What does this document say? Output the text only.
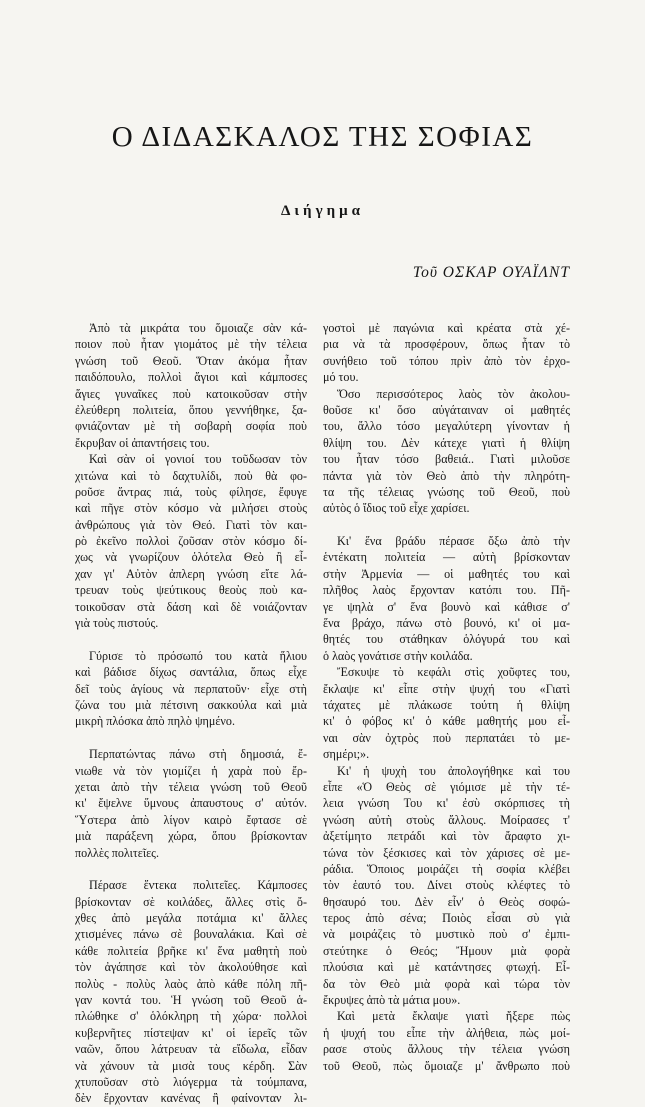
Ο ΔΙΔΑΣΚΑΛΟΣ ΤΗΣ ΣΟΦΙΑΣ
Διήγημα
Τοῦ ΟΣΚΑΡ ΟΥΑΪΛΝΤ
Ἀπὸ τὰ μικράτα του ὅμοιαζε σὰν κά-
ποιον ποὺ ἦταν γιομάτος μὲ τὴν τέλεια
γνώση τοῦ Θεοῦ. Ὅταν ἀκόμα ἦταν
παιδόπουλο, πολλοὶ ἅγιοι καὶ κάμποσες
ἅγιες γυναῖκες ποὺ κατοικοῦσαν στὴν
ἐλεύθερη πολιτεία, ὅπου γεννήθηκε, ξα-
φνιάζονταν μὲ τὴ σοβαρὴ σοφία ποὺ
ἔκρυβαν οἱ ἀπαντήσεις του.
Καὶ σὰν οἱ γονιοί του τοῦδωσαν τὸν
χιτώνα καὶ τὸ δαχτυλίδι, ποὺ θὰ φο-
ροῦσε ἄντρας πιά, τοὺς φίλησε, ἔφυγε
καὶ πῆγε στὸν κόσμο νὰ μιλήσει στοὺς
ἀνθρώπους γιὰ τὸν Θεό. Γιατὶ τὸν και-
ρὸ ἐκεῖνο πολλοὶ ζοῦσαν στὸν κόσμο δί-
χως νὰ γνωρίζουν ὁλότελα Θεὸ ἢ εἶ-
χαν γι' Αὐτὸν ἀπλερη γνώση εἴτε λά-
τρευαν τοὺς ψεύτικους θεοὺς ποὺ κα-
τοικοῦσαν στὰ δάση καὶ δὲ νοιάζονταν
γιὰ τοὺς πιστούς.

Γύρισε τὸ πρόσωπό του κατὰ ἥλιου
καὶ βάδισε δίχως σαντάλια, ὅπως εἶχε
δεῖ τοὺς ἁγίους νὰ περπατοῦν· εἶχε στὴ
ζώνα του μιὰ πέτσινη σακκούλα καὶ μιὰ
μικρὴ πλόσκα ἀπὸ πηλὸ ψημένο.

Περπατώντας πάνω στὴ δημοσιά, ἔ-
νιωθε νὰ τὸν γιομίζει ἡ χαρὰ ποὺ ἔρ-
χεται ἀπὸ τὴν τέλεια γνώση τοῦ Θεοῦ
κι' ἔψελνε ὕμνους ἀπαυστους σ' αὐτόν.
Ὕστερα ἀπὸ λίγον καιρὸ ἔφτασε σὲ
μιὰ παράξενη χώρα, ὅπου βρίσκονταν
πολλὲς πολιτεῖες.

Πέρασε ἕντεκα πολιτεῖες. Κάμποσες
βρίσκονταν σὲ κοιλάδες, ἄλλες στὶς ὄ-
χθες ἀπὸ μεγάλα ποτάμια κι' ἄλλες
χτισμένες πάνω σὲ βουναλάκια. Καὶ σὲ
κάθε πολιτεία βρῆκε κι' ἕνα μαθητὴ ποὺ
τὸν ἀγάπησε καὶ τὸν ἀκολούθησε καὶ
πολὺς - πολὺς λαὸς ἀπὸ κάθε πόλη πῆ-
γαν κοντά του. Ἡ γνώση τοῦ Θεοῦ ἁ-
πλώθηκε σ' ὁλόκληρη τὴ χώρα· πολλοὶ
κυβερνῆτες πίστεψαν κι' οἱ ἱερεῖς τῶν
ναῶν, ὅπου λάτρευαν τὰ εἴδωλα, εἶδαν
νὰ χάνουν τὰ μισὰ τους κέρδη. Σὰν
χτυποῦσαν στὸ λιόγερμα τὰ τούμπανα,
δὲν ἔρχονταν κανένας ἢ φαίνονταν λι-
γοστοὶ μὲ παγώνια καὶ κρέατα στὰ χέ-
ρια νὰ τὰ προσφέρουν, ὅπως ἦταν τὸ
συνήθειο τοῦ τόπου πρὶν ἀπὸ τὸν ἐρχο-
μό του.
Ὅσο περισσότερος λαὸς τὸν ἀκολου-
θοῦσε κι' ὅσο αὐγάταιναν οἱ μαθητές
του, ἄλλο τόσο μεγαλύτερη γίνονταν ἡ
θλίψη του. Δὲν κάτεχε γιατὶ ἡ θλίψη
του ἦταν τόσο βαθειά.. Γιατὶ μιλοῦσε
πάντα γιὰ τὸν Θεὸ ἀπὸ τὴν πληρότη-
τα τῆς τέλειας γνώσης τοῦ Θεοῦ, ποὺ
αὐτὸς ὁ ἴδιος τοῦ εἶχε χαρίσει.

Κι' ἕνα βράδυ πέρασε ὄξω ἀπὸ τὴν
ἑντέκατη πολιτεία — αὐτὴ βρίσκονταν
στὴν Ἀρμενία — οἱ μαθητές του καὶ
πλῆθος λαὸς ἔρχονταν κατόπι του. Πῆ-
γε ψηλὰ σ' ἕνα βουνὸ καὶ κάθισε σ'
ἕνα βράχο, πάνω στὸ βουνό, κι' οἱ μα-
θητές του στάθηκαν ὁλόγυρά του καὶ
ὁ λαὸς γονάτισε στὴν κοιλάδα.
Ἔσκυψε τὸ κεφάλι στὶς χοῦφτες του,
ἔκλαψε κι' εἶπε στὴν ψυχή του «Γιατὶ
τάχατες μὲ πλάκωσε τούτη ἡ θλίψη
κι' ὁ φόβος κι' ὁ κάθε μαθητής μου εἶ-
ναι σὰν ὀχτρὸς ποὺ περπατάει τὸ με-
σημέρι;».
Κι' ἡ ψυχὴ του ἀπολογήθηκε καὶ του
εἶπε «Ὁ Θεὸς σὲ γιόμισε μὲ τὴν τέ-
λεια γνώση Του κι' ἐσὺ σκόρπισες τὴ
γνώση αὐτὴ στοὺς ἄλλους. Μοίρασες τ'
ἀξετίμητο πετράδι καὶ τὸν ἄραφτο χι-
τώνα τὸν ξέσκισες καὶ τὸν χάρισες σὲ με-
ράδια. Ὅποιος μοιράζει τὴ σοφία κλέβει
τὸν ἑαυτό του. Δίνει στοὺς κλέφτες τὸ
θησαυρό του. Δὲν εἶν' ὁ Θεὸς σοφώ-
τερος ἀπὸ σένα; Ποιὸς εἶσαι σὺ γιὰ
νὰ μοιράζεις τὸ μυστικὸ ποὺ σ' ἐμπι-
στεύτηκε ὁ Θεός; Ἤμουν μιὰ φορὰ
πλούσια καὶ μὲ κατάντησες φτωχή. Εἶ-
δα τὸν Θεὸ μιὰ φορὰ καὶ τώρα τὸν
ἔκρυψες ἀπὸ τὰ μάτια μου».
Καὶ μετὰ ἔκλαψε γιατὶ ἤξερε πὼς
ἡ ψυχή του εἶπε τὴν ἀλήθεια, πὼς μοί-
ρασε στοὺς ἄλλους τὴν τέλεια γνώση
τοῦ Θεοῦ, πὼς ὅμοιαζε μ' ἄνθρωπο ποὺ
